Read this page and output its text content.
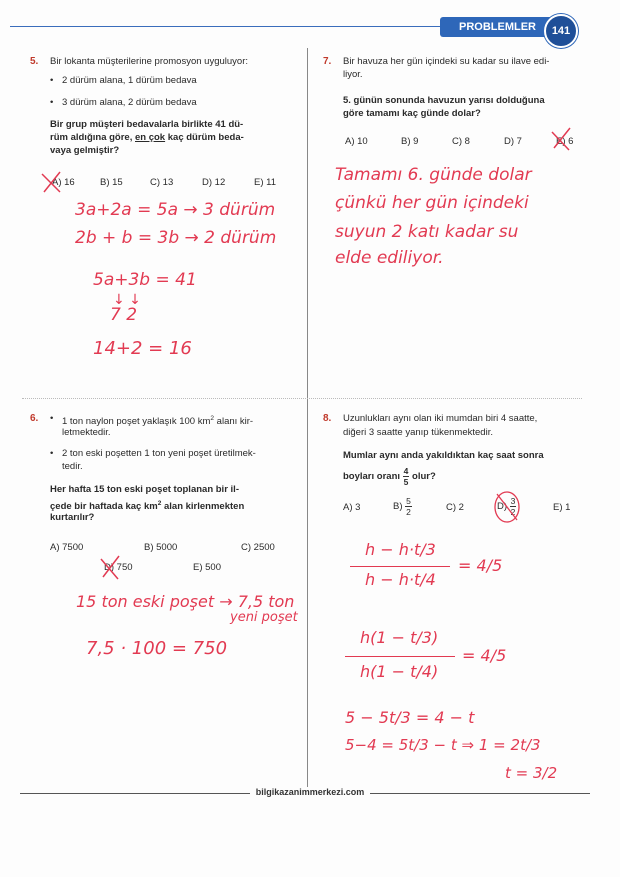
PROBLEMLER	141
5. Bir lokanta müşterilerine promosyon uyguluyor:
• 2 dürüm alana, 1 dürüm bedava
• 3 dürüm alana, 2 dürüm bedava
Bir grup müşteri bedavalarla birlikte 41 dü-
rüm aldığına göre, en çok kaç dürüm beda-
vaya gelmiştir?
A) 16	B) 15	C) 13	D) 12	E) 11
3a+2a = 5a → 3 dürüm
2b + b = 3b → 2 dürüm
5a+3b = 41
↓ ↓
7 2
14+2 = 16
7. Bir havuza her gün içindeki su kadar su ilave edi-
liyor.
5. günün sonunda havuzun yarısı dolduğuna
göre tamamı kaç günde dolar?
A) 10	B) 9	C) 8	D) 7	E) 6
Tamamı 6. günde dolar
çünkü her gün içindeki
suyun 2 katı kadar su
elde ediliyor.
6.
• 1 ton naylon poşet yaklaşık 100 $km^2$ alanı kir-
letmektedir.
• 2 ton eski poşetten 1 ton yeni poşet üretilmek-
tedir.
Her hafta 15 ton eski poşet toplanan bir il-
çede bir haftada kaç $km^2$ alan kirlenmekten
kurtarılır?
A) 7500	B) 5000	C) 2500
D) 750	E) 500
15 ton eski poşet → 7,5 ton
yeni poşet
7,5 · 100 = 750
8. Uzunlukları aynı olan iki mumdan biri 4 saatte,
diğeri 3 saatte yanıp tükenmektedir.
Mumlar aynı anda yakıldıktan kaç saat sonra
boyları oranı $\frac{4}{5}$ olur?
A) 3	$B) \frac{5}{2}$	C) 2	$D) \frac{3}{2}$	E) 1
h − h·t/3
h − h·t/4
= 4/5
h(1 − t/3)
h(1 − t/4)
= 4/5
5 − 5t/3 = 4 − t
5−4 = 5t/3 − t ⇒ 1 = 2t/3
t = 3/2
bilgikazanimmerkezi.com
